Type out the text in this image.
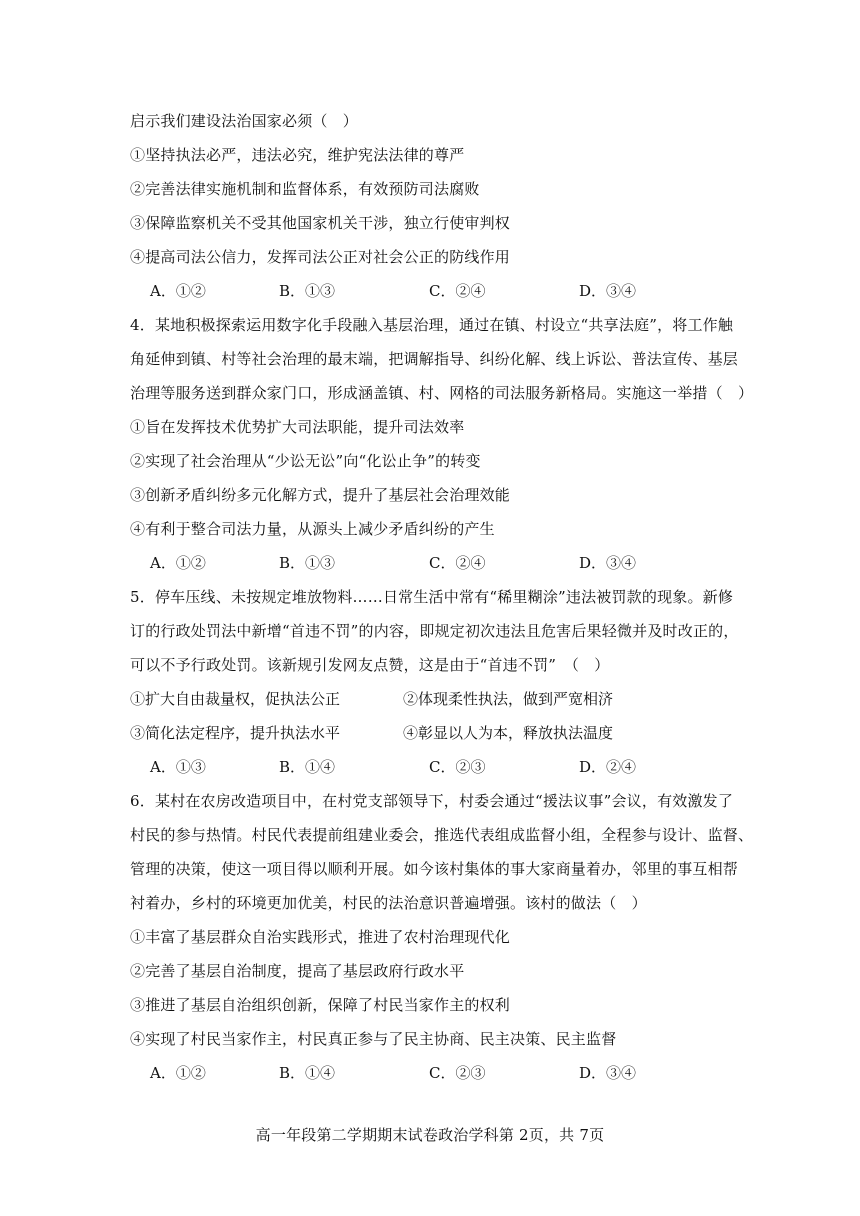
启示我们建设法治国家必须（　）
①坚持执法必严，违法必究，维护宪法法律的尊严
②完善法律实施机制和监督体系，有效预防司法腐败
③保障监察机关不受其他国家机关干涉，独立行使审判权
④提高司法公信力，发挥司法公正对社会公正的防线作用
A．①②	B．①③	C．②④	D．③④
4．某地积极探索运用数字化手段融入基层治理，通过在镇、村设立“共享法庭”，将工作触
角延伸到镇、村等社会治理的最末端，把调解指导、纠纷化解、线上诉讼、普法宣传、基层
治理等服务送到群众家门口，形成涵盖镇、村、网格的司法服务新格局。实施这一举措（　）
①旨在发挥技术优势扩大司法职能，提升司法效率
②实现了社会治理从“少讼无讼”向“化讼止争”的转变
③创新矛盾纠纷多元化解方式，提升了基层社会治理效能
④有利于整合司法力量，从源头上减少矛盾纠纷的产生
A．①②	B．①③	C．②④	D．③④
5．停车压线、未按规定堆放物料……日常生活中常有“稀里糊涂”违法被罚款的现象。新修
订的行政处罚法中新增“首违不罚”的内容，即规定初次违法且危害后果轻微并及时改正的，
可以不予行政处罚。该新规引发网友点赞，这是由于“首违不罚”　（　）
①扩大自由裁量权，促执法公正	②体现柔性执法，做到严宽相济
③简化法定程序，提升执法水平	④彰显以人为本，释放执法温度
A．①③	B．①④	C．②③	D．②④
6．某村在农房改造项目中，在村党支部领导下，村委会通过“援法议事”会议，有效激发了
村民的参与热情。村民代表提前组建业委会，推选代表组成监督小组，全程参与设计、监督、
管理的决策，使这一项目得以顺利开展。如今该村集体的事大家商量着办，邻里的事互相帮
衬着办，乡村的环境更加优美，村民的法治意识普遍增强。该村的做法（　）
①丰富了基层群众自治实践形式，推进了农村治理现代化
②完善了基层自治制度，提高了基层政府行政水平
③推进了基层自治组织创新，保障了村民当家作主的权利
④实现了村民当家作主，村民真正参与了民主协商、民主决策、民主监督
A．①②	B．①④	C．②③	D．③④
高一年段第二学期期末试卷政治学科第 2页，共 7页
